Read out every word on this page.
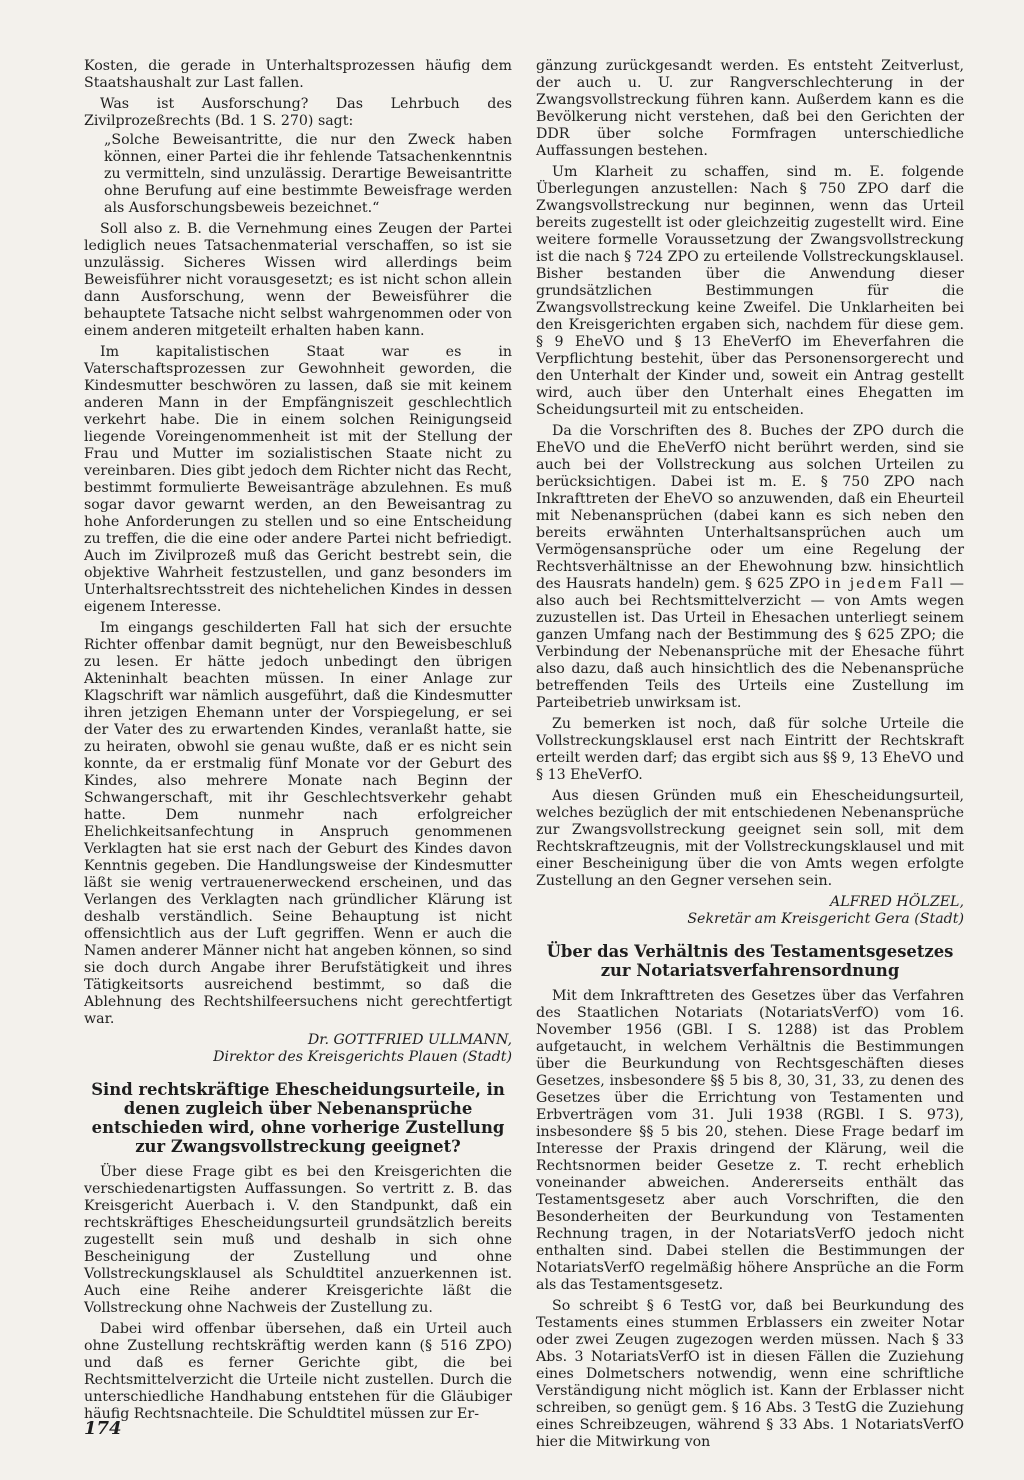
Kosten, die gerade in Unterhaltsprozessen häufig dem Staatshaushalt zur Last fallen.

Was ist Ausforschung? Das Lehrbuch des Zivilprozeßrechts (Bd. 1 S. 270) sagt:

„Solche Beweisantritte, die nur den Zweck haben können, einer Partei die ihr fehlende Tatsachenkenntnis zu vermitteln, sind unzulässig. Derartige Beweisantritte ohne Berufung auf eine bestimmte Beweisfrage werden als Ausforschungsbeweis bezeichnet.“

Soll also z. B. die Vernehmung eines Zeugen der Partei lediglich neues Tatsachenmaterial verschaffen, so ist sie unzulässig. Sicheres Wissen wird allerdings beim Beweisführer nicht vorausgesetzt; es ist nicht schon allein dann Ausforschung, wenn der Beweisführer die behauptete Tatsache nicht selbst wahrgenommen oder von einem anderen mitgeteilt erhalten haben kann.

Im kapitalistischen Staat war es in Vaterschaftsprozessen zur Gewohnheit geworden, die Kindesmutter beschwören zu lassen, daß sie mit keinem anderen Mann in der Empfängniszeit geschlechtlich verkehrt habe. Die in einem solchen Reinigungseid liegende Voreingenommenheit ist mit der Stellung der Frau und Mutter im sozialistischen Staate nicht zu vereinbaren. Dies gibt jedoch dem Richter nicht das Recht, bestimmt formulierte Beweisanträge abzulehnen. Es muß sogar davor gewarnt werden, an den Beweisantrag zu hohe Anforderungen zu stellen und so eine Entscheidung zu treffen, die die eine oder andere Partei nicht befriedigt. Auch im Zivilprozeß muß das Gericht bestrebt sein, die objektive Wahrheit festzustellen, und ganz besonders im Unterhaltsrechtsstreit des nichtehelichen Kindes in dessen eigenem Interesse.

Im eingangs geschilderten Fall hat sich der ersuchte Richter offenbar damit begnügt, nur den Beweisbeschluß zu lesen. Er hätte jedoch unbedingt den übrigen Akteninhalt beachten müssen. In einer Anlage zur Klagschrift war nämlich ausgeführt, daß die Kindesmutter ihren jetzigen Ehemann unter der Vorspiegelung, er sei der Vater des zu erwartenden Kindes, veranlaßt hatte, sie zu heiraten, obwohl sie genau wußte, daß er es nicht sein konnte, da er erstmalig fünf Monate vor der Geburt des Kindes, also mehrere Monate nach Beginn der Schwangerschaft, mit ihr Geschlechtsverkehr gehabt hatte. Dem nunmehr nach erfolgreicher Ehelichkeitsanfechtung in Anspruch genommenen Verklagten hat sie erst nach der Geburt des Kindes davon Kenntnis gegeben. Die Handlungsweise der Kindesmutter läßt sie wenig vertrauenerweckend erscheinen, und das Verlangen des Verklagten nach gründlicher Klärung ist deshalb verständlich. Seine Behauptung ist nicht offensichtlich aus der Luft gegriffen. Wenn er auch die Namen anderer Männer nicht hat angeben können, so sind sie doch durch Angabe ihrer Berufstätigkeit und ihres Tätigkeitsorts ausreichend bestimmt, so daß die Ablehnung des Rechtshilfeersuchens nicht gerechtfertigt war.

Dr. GOTTFRIED ULLMANN,
Direktor des Kreisgerichts Plauen (Stadt)
Sind rechtskräftige Ehescheidungsurteile, in denen zugleich über Nebenansprüche entschieden wird, ohne vorherige Zustellung zur Zwangsvollstreckung geeignet?

Über diese Frage gibt es bei den Kreisgerichten die verschiedenartigsten Auffassungen. So vertritt z. B. das Kreisgericht Auerbach i. V. den Standpunkt, daß ein rechtskräftiges Ehescheidungsurteil grundsätzlich bereits zugestellt sein muß und deshalb in sich ohne Bescheinigung der Zustellung und ohne Vollstreckungsklausel als Schuldtitel anzuerkennen ist. Auch eine Reihe anderer Kreisgerichte läßt die Vollstreckung ohne Nachweis der Zustellung zu.

Dabei wird offenbar übersehen, daß ein Urteil auch ohne Zustellung rechtskräftig werden kann (§ 516 ZPO) und daß es ferner Gerichte gibt, die bei Rechtsmittelverzicht die Urteile nicht zustellen. Durch die unterschiedliche Handhabung entstehen für die Gläubiger häufig Rechtsnachteile. Die Schuldtitel müssen zur Er-

gänzung zurückgesandt werden. Es entsteht Zeitverlust, der auch u. U. zur Rangverschlechterung in der Zwangsvollstreckung führen kann. Außerdem kann es die Bevölkerung nicht verstehen, daß bei den Gerichten der DDR über solche Formfragen unterschiedliche Auffassungen bestehen.

Um Klarheit zu schaffen, sind m. E. folgende Überlegungen anzustellen: Nach § 750 ZPO darf die Zwangsvollstreckung nur beginnen, wenn das Urteil bereits zugestellt ist oder gleichzeitig zugestellt wird. Eine weitere formelle Voraussetzung der Zwangsvollstreckung ist die nach § 724 ZPO zu erteilende Vollstreckungsklausel. Bisher bestanden über die Anwendung dieser grundsätzlichen Bestimmungen für die Zwangsvollstreckung keine Zweifel. Die Unklarheiten bei den Kreisgerichten ergaben sich, nachdem für diese gem. § 9 EheVO und § 13 EheVerfO im Eheverfahren die Verpflichtung bestehit, über das Personensorgerecht und den Unterhalt der Kinder und, soweit ein Antrag gestellt wird, auch über den Unterhalt eines Ehegatten im Scheidungsurteil mit zu entscheiden.

Da die Vorschriften des 8. Buches der ZPO durch die EheVO und die EheVerfO nicht berührt werden, sind sie auch bei der Vollstreckung aus solchen Urteilen zu berücksichtigen. Dabei ist m. E. § 750 ZPO nach Inkrafttreten der EheVO so anzuwenden, daß ein Eheurteil mit Nebenansprüchen (dabei kann es sich neben den bereits erwähnten Unterhaltsansprüchen auch um Vermögensansprüche oder um eine Regelung der Rechtsverhältnisse an der Ehewohnung bzw. hinsichtlich des Hausrats handeln) gem. § 625 ZPO in jedem Fall — also auch bei Rechtsmittelverzicht — von Amts wegen zuzustellen ist. Das Urteil in Ehesachen unterliegt seinem ganzen Umfang nach der Bestimmung des § 625 ZPO; die Verbindung der Nebenansprüche mit der Ehesache führt also dazu, daß auch hinsichtlich des die Nebenansprüche betreffenden Teils des Urteils eine Zustellung im Parteibetrieb unwirksam ist.

Zu bemerken ist noch, daß für solche Urteile die Vollstreckungsklausel erst nach Eintritt der Rechtskraft erteilt werden darf; das ergibt sich aus §§ 9, 13 EheVO und § 13 EheVerfO.

Aus diesen Gründen muß ein Ehescheidungsurteil, welches bezüglich der mit entschiedenen Nebenansprüche zur Zwangsvollstreckung geeignet sein soll, mit dem Rechtskraftzeugnis, mit der Vollstreckungsklausel und mit einer Bescheinigung über die von Amts wegen erfolgte Zustellung an den Gegner versehen sein.

ALFRED HÖLZEL,
Sekretär am Kreisgericht Gera (Stadt)
Über das Verhältnis des Testamentsgesetzes zur Notariatsverfahrensordnung

Mit dem Inkrafttreten des Gesetzes über das Verfahren des Staatlichen Notariats (NotariatsVerfO) vom 16. November 1956 (GBl. I S. 1288) ist das Problem aufgetaucht, in welchem Verhältnis die Bestimmungen über die Beurkundung von Rechtsgeschäften dieses Gesetzes, insbesondere §§ 5 bis 8, 30, 31, 33, zu denen des Gesetzes über die Errichtung von Testamenten und Erbverträgen vom 31. Juli 1938 (RGBl. I S. 973), insbesondere §§ 5 bis 20, stehen. Diese Frage bedarf im Interesse der Praxis dringend der Klärung, weil die Rechtsnormen beider Gesetze z. T. recht erheblich voneinander abweichen. Andererseits enthält das Testamentsgesetz aber auch Vorschriften, die den Besonderheiten der Beurkundung von Testamenten Rechnung tragen, in der NotariatsVerfO jedoch nicht enthalten sind. Dabei stellen die Bestimmungen der NotariatsVerfO regelmäßig höhere Ansprüche an die Form als das Testamentsgesetz.

So schreibt § 6 TestG vor, daß bei Beurkundung des Testaments eines stummen Erblassers ein zweiter Notar oder zwei Zeugen zugezogen werden müssen. Nach § 33 Abs. 3 NotariatsVerfO ist in diesen Fällen die Zuziehung eines Dolmetschers notwendig, wenn eine schriftliche Verständigung nicht möglich ist. Kann der Erblasser nicht schreiben, so genügt gem. § 16 Abs. 3 TestG die Zuziehung eines Schreibzeugen, während § 33 Abs. 1 NotariatsVerfO hier die Mitwirkung von

174
